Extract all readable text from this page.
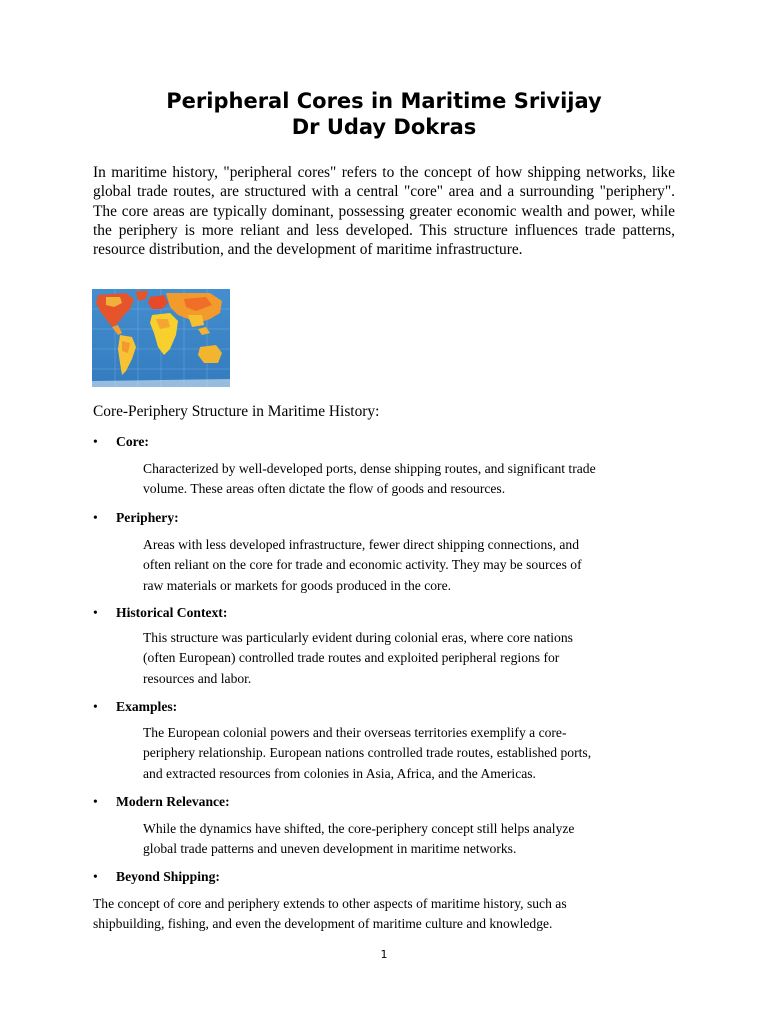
Peripheral Cores in Maritime Srivijay
Dr Uday Dokras

In maritime history, "peripheral cores" refers to the concept of how shipping networks, like global trade routes, are structured with a central "core" area and a surrounding "periphery". The core areas are typically dominant, possessing greater economic wealth and power, while the periphery is more reliant and less developed. This structure influences trade patterns, resource distribution, and the development of maritime infrastructure.

Core-Periphery Structure in Maritime History:

•	Core:

Characterized by well-developed ports, dense shipping routes, and significant trade
volume. These areas often dictate the flow of goods and resources.

•	Periphery:

Areas with less developed infrastructure, fewer direct shipping connections, and
often reliant on the core for trade and economic activity. They may be sources of
raw materials or markets for goods produced in the core.

•	Historical Context:

This structure was particularly evident during colonial eras, where core nations
(often European) controlled trade routes and exploited peripheral regions for
resources and labor.

•	Examples:

The European colonial powers and their overseas territories exemplify a core-
periphery relationship. European nations controlled trade routes, established ports,
and extracted resources from colonies in Asia, Africa, and the Americas.

•	Modern Relevance:

While the dynamics have shifted, the core-periphery concept still helps analyze
global trade patterns and uneven development in maritime networks.

•	Beyond Shipping:

The concept of core and periphery extends to other aspects of maritime history, such as
shipbuilding, fishing, and even the development of maritime culture and knowledge.

1
